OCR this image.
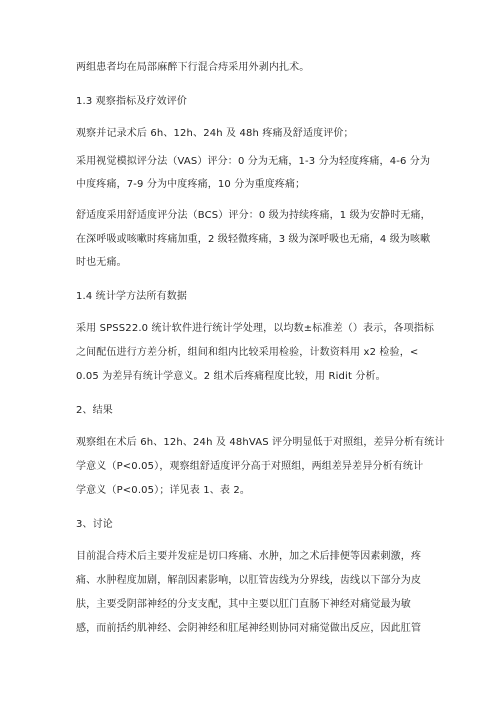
两组患者均在局部麻醉下行混合痔采用外剥内扎术。

1.3 观察指标及疗效评价

观察并记录术后 6h、12h、24h 及 48h 疼痛及舒适度评价；

采用视觉模拟评分法（VAS）评分：0 分为无痛，1-3 分为轻度疼痛，4-6 分为

中度疼痛，7-9 分为中度疼痛，10 分为重度疼痛；

舒适度采用舒适度评分法（BCS）评分：0 级为持续疼痛，1 级为安静时无痛，

在深呼吸或咳嗽时疼痛加重，2 级轻微疼痛，3 级为深呼吸也无痛，4 级为咳嗽

时也无痛。

1.4 统计学方法所有数据

采用 SPSS22.0 统计软件进行统计学处理，以均数±标准差（）表示，各项指标

之间配伍进行方差分析，组间和组内比较采用检验，计数资料用 x2 检验，<

0.05 为差异有统计学意义。2 组术后疼痛程度比较，用 Ridit 分析。

2、结果

观察组在术后 6h、12h、24h 及 48hVAS 评分明显低于对照组，差异分析有统计

学意义（P<0.05），观察组舒适度评分高于对照组，两组差异差异分析有统计

学意义（P<0.05）；详见表 1、表 2。

3、讨论

目前混合痔术后主要并发症是切口疼痛、水肿，加之术后排便等因素刺激，疼

痛、水肿程度加剧，解剖因素影响，以肛管齿线为分界线，齿线以下部分为皮

肤，主要受阴部神经的分支支配，其中主要以肛门直肠下神经对痛觉最为敏

感，而前括约肌神经、会阴神经和肛尾神经则协同对痛觉做出反应，因此肛管
